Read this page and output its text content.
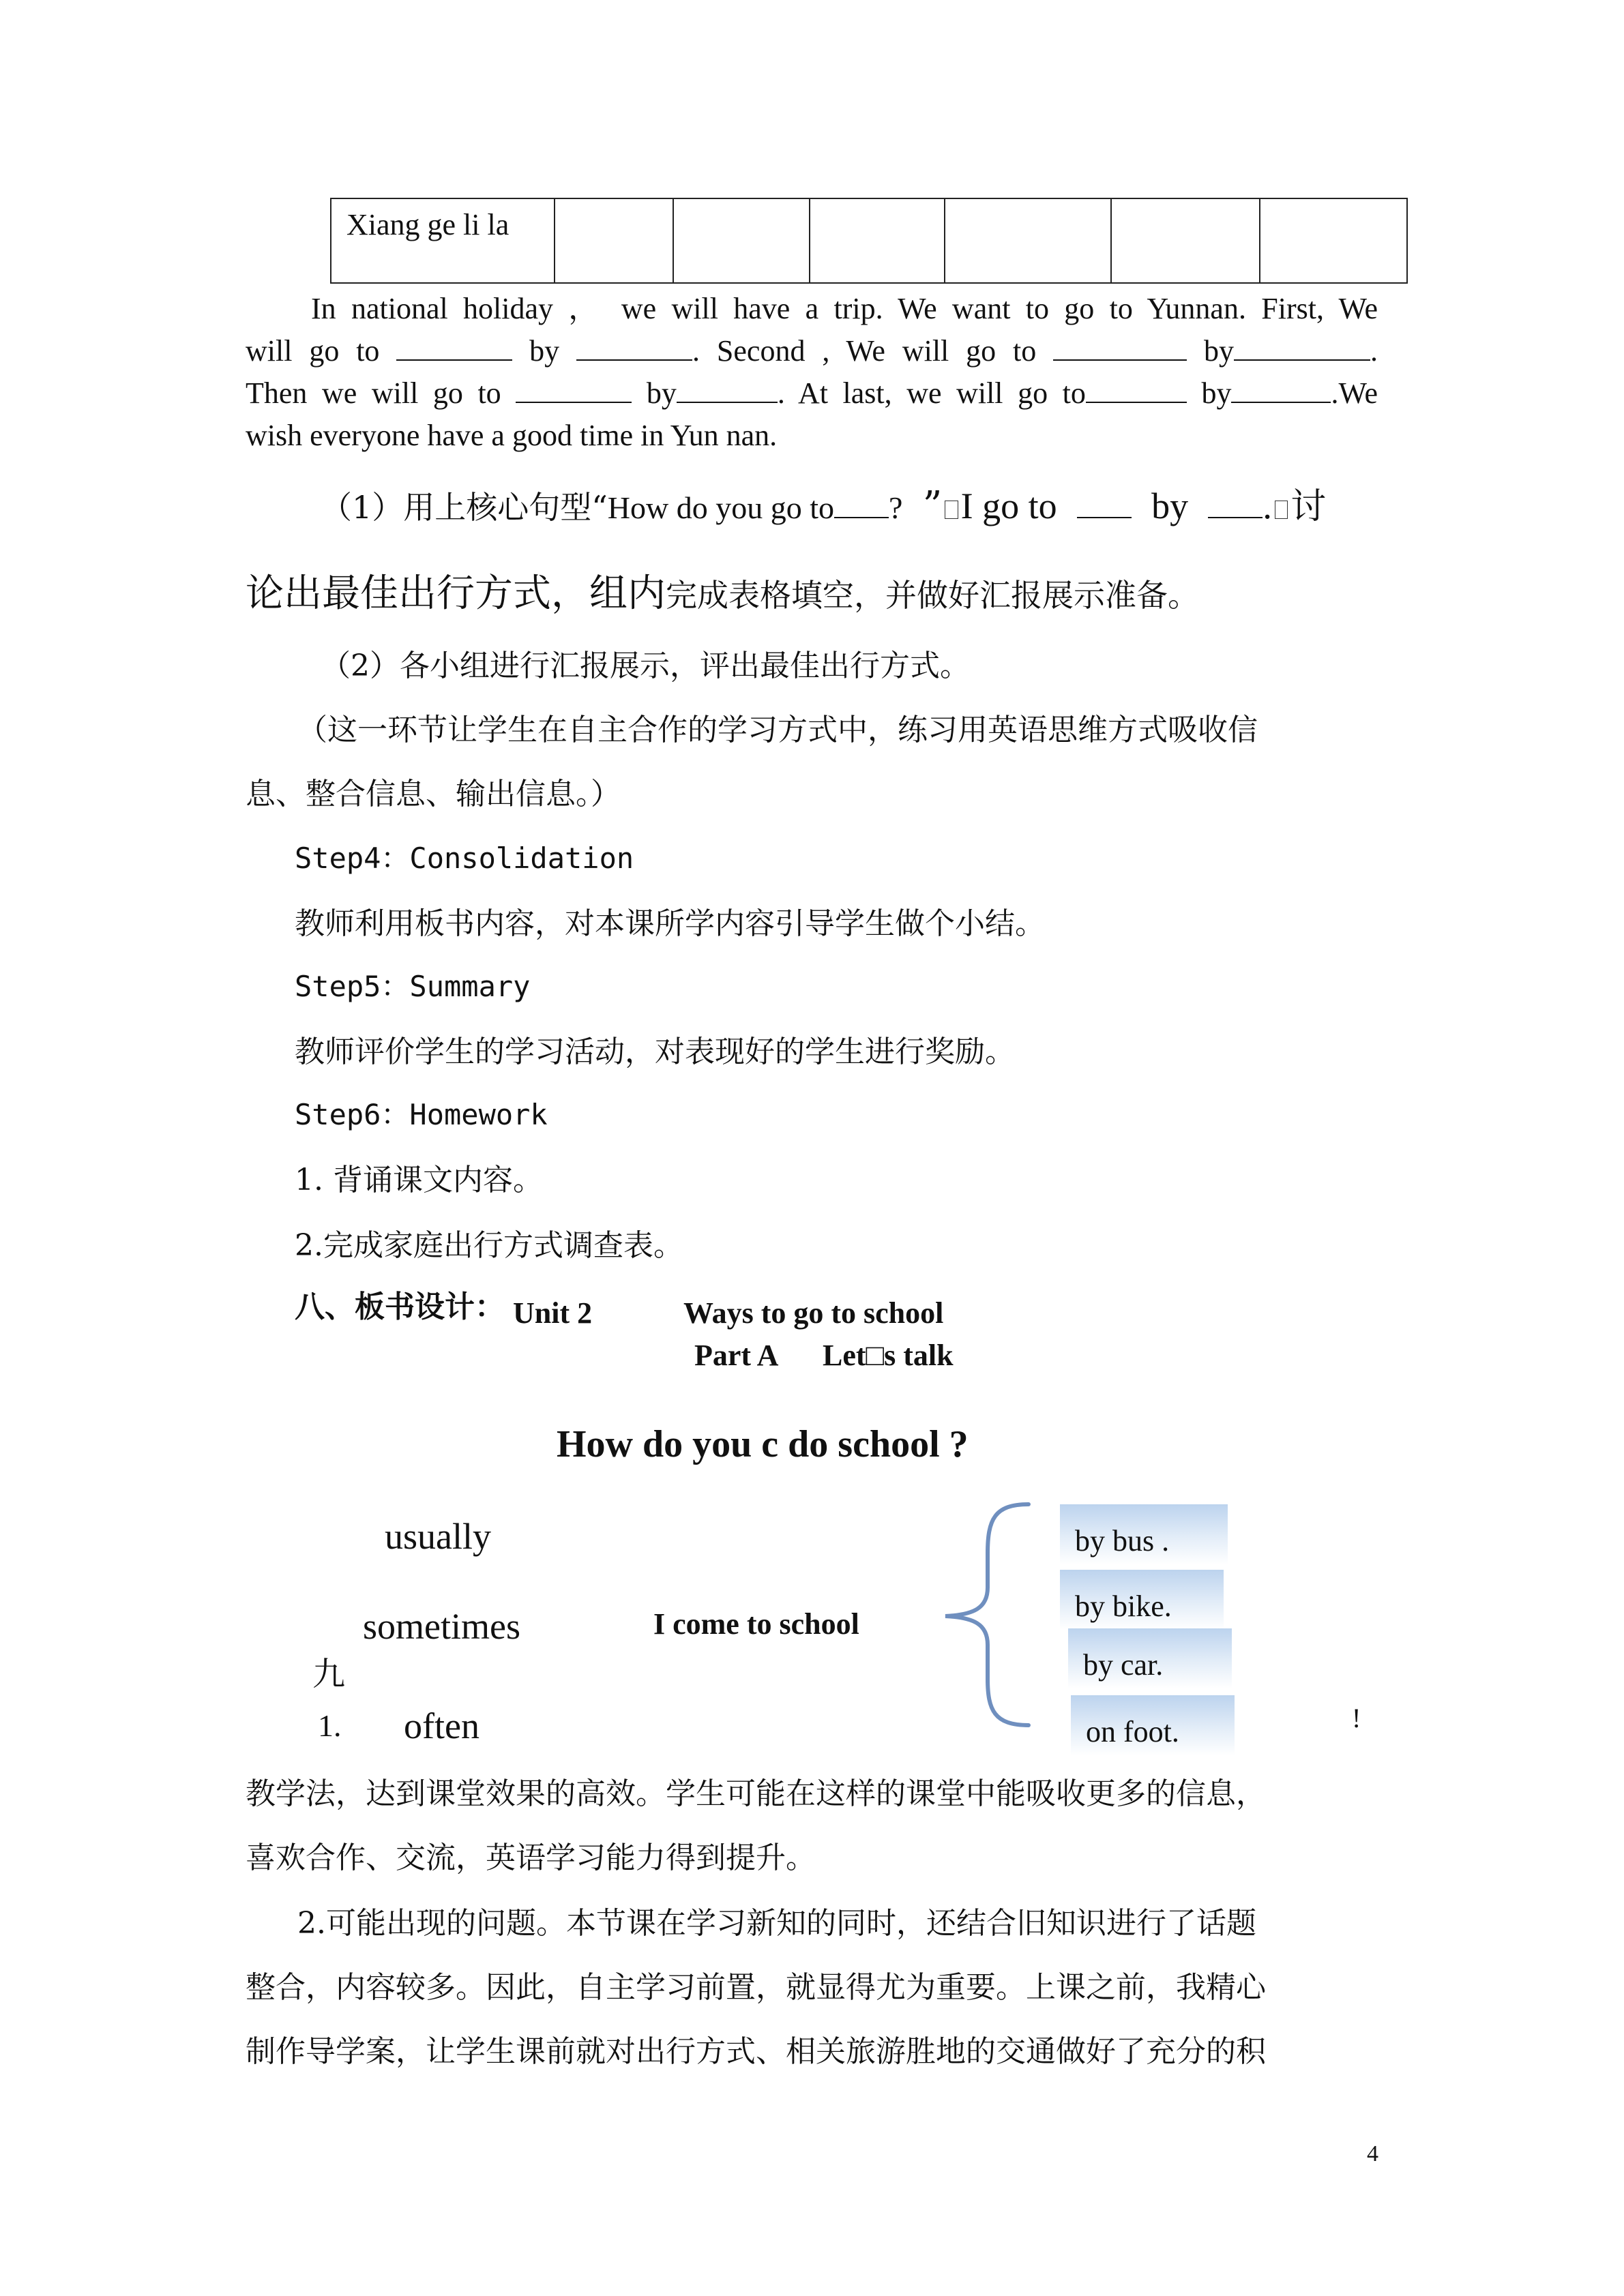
Xiang ge li la						
In national holiday ， we will have a trip. We want to go to Yunnan. First, We
will go to	by	. Second , We will go to	by	.
Then we will go to	by	. At last, we will go to	by	.We
wish everyone have a good time in Yun nan.
（1）用上核心句型“How do you go to ? ” □ I go to	by . □ 讨
论出最佳出行方式，组内完成表格填空，并做好汇报展示准备。
（2）各小组进行汇报展示，评出最佳出行方式。
（这一环节让学生在自主合作的学习方式中，练习用英语思维方式吸收信
息、整合信息、输出信息。）
Step4：Consolidation
教师利用板书内容，对本课所学内容引导学生做个小结。
Step5：Summary
教师评价学生的学习活动，对表现好的学生进行奖励。
Step6：Homework
1. 背诵课文内容。
2.完成家庭出行方式调查表。
八、板书设计： Unit 2	Ways to go to school
Part A Let□s talk
How do you c do school ?
usually
sometimes
often
九
1.
I come to school
by bus .
by bike.
by car.
on foot.	!
教学法，达到课堂效果的高效。学生可能在这样的课堂中能吸收更多的信息，
喜欢合作、交流，英语学习能力得到提升。
2.可能出现的问题。本节课在学习新知的同时，还结合旧知识进行了话题
整合，内容较多。因此，自主学习前置，就显得尤为重要。上课之前，我精心
制作导学案，让学生课前就对出行方式、相关旅游胜地的交通做好了充分的积
4
